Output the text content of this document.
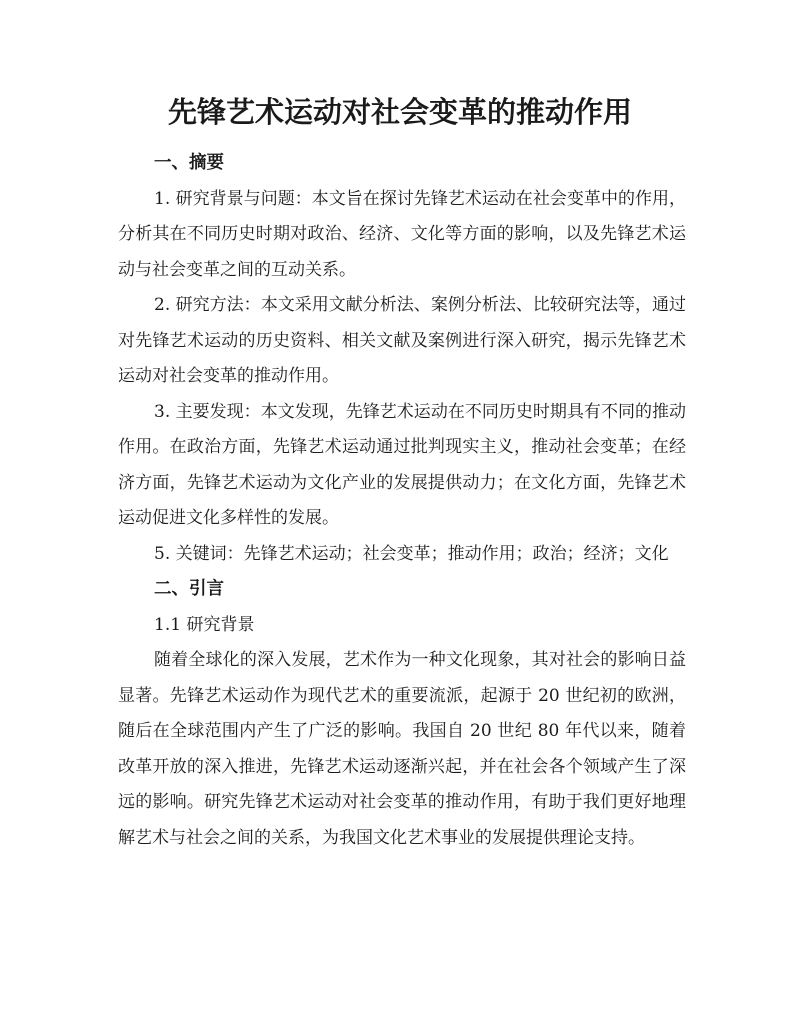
先锋艺术运动对社会变革的推动作用

一、摘要

1. 研究背景与问题：本文旨在探讨先锋艺术运动在社会变革中的作用，分析其在不同历史时期对政治、经济、文化等方面的影响，以及先锋艺术运动与社会变革之间的互动关系。

2. 研究方法：本文采用文献分析法、案例分析法、比较研究法等，通过对先锋艺术运动的历史资料、相关文献及案例进行深入研究，揭示先锋艺术运动对社会变革的推动作用。

3. 主要发现：本文发现，先锋艺术运动在不同历史时期具有不同的推动作用。在政治方面，先锋艺术运动通过批判现实主义，推动社会变革；在经济方面，先锋艺术运动为文化产业的发展提供动力；在文化方面，先锋艺术运动促进文化多样性的发展。

5. 关键词：先锋艺术运动；社会变革；推动作用；政治；经济；文化

二、引言

1.1 研究背景

随着全球化的深入发展，艺术作为一种文化现象，其对社会的影响日益显著。先锋艺术运动作为现代艺术的重要流派，起源于 20 世纪初的欧洲，随后在全球范围内产生了广泛的影响。我国自 20 世纪 80 年代以来，随着改革开放的深入推进，先锋艺术运动逐渐兴起，并在社会各个领域产生了深远的影响。研究先锋艺术运动对社会变革的推动作用，有助于我们更好地理解艺术与社会之间的关系，为我国文化艺术事业的发展提供理论支持。
